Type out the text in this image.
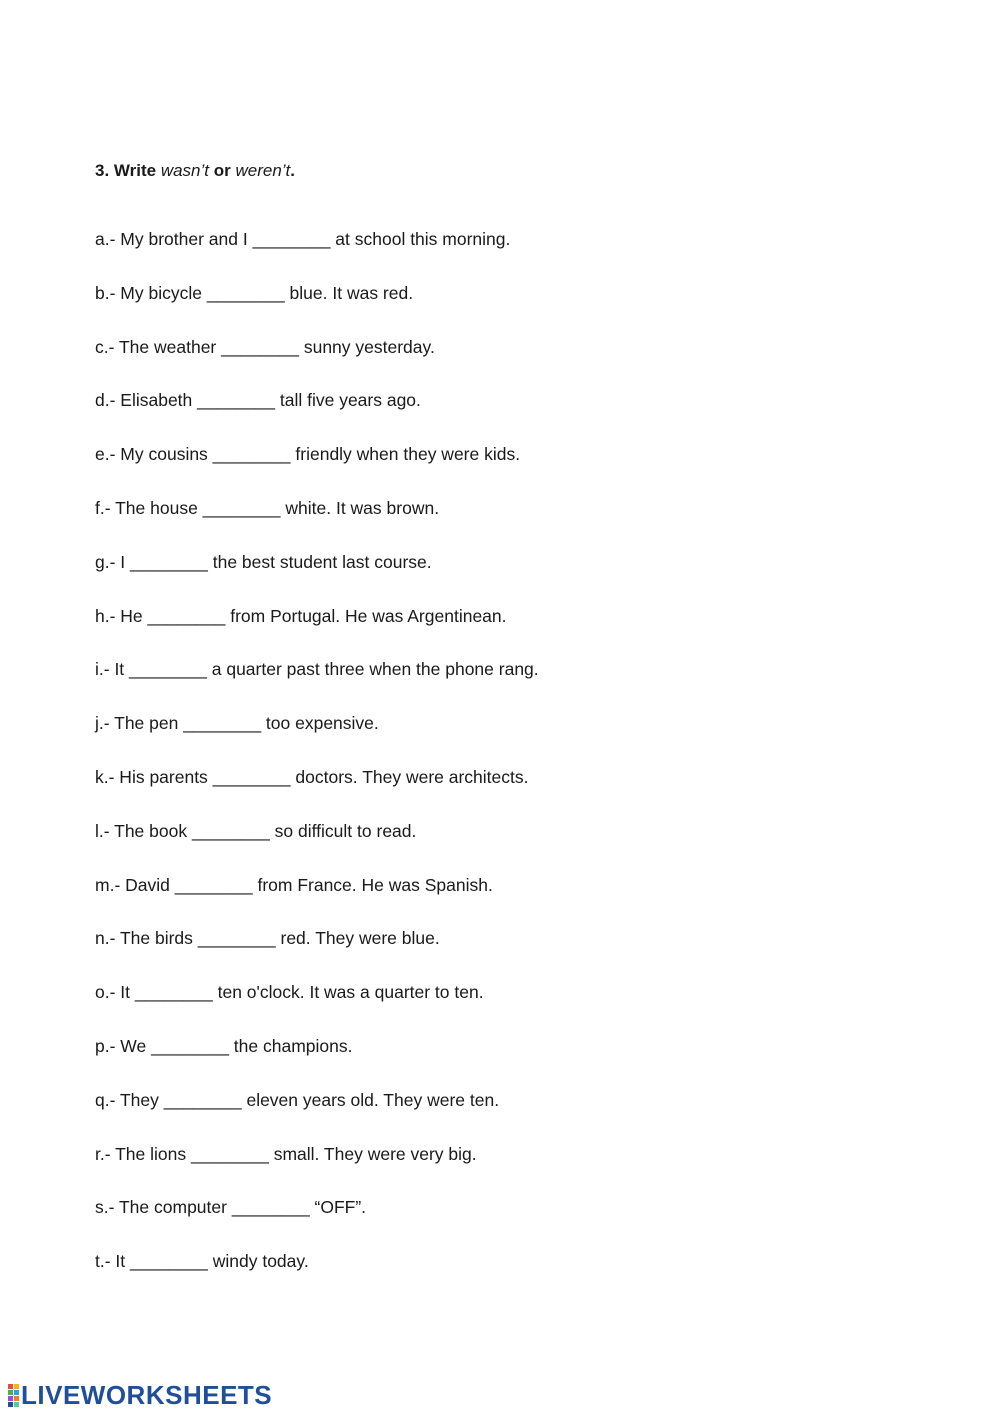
3. Write wasn’t or weren’t.
a.- My brother and I ________ at school this morning.
b.- My bicycle ________ blue. It was red.
c.- The weather ________ sunny yesterday.
d.- Elisabeth ________ tall five years ago.
e.- My cousins ________ friendly when they were kids.
f.- The house ________ white. It was brown.
g.- I ________ the best student last course.
h.- He ________ from Portugal. He was Argentinean.
i.- It ________ a quarter past three when the phone rang.
j.- The pen ________ too expensive.
k.- His parents ________ doctors. They were architects.
l.- The book ________ so difficult to read.
m.- David ________ from France. He was Spanish.
n.- The birds ________ red. They were blue.
o.- It ________ ten o'clock. It was a quarter to ten.
p.- We ________ the champions.
q.- They ________ eleven years old. They were ten.
r.- The lions ________ small. They were very big.
s.- The computer ________ “OFF”.
t.- It ________ windy today.
LIVEWORKSHEETS
